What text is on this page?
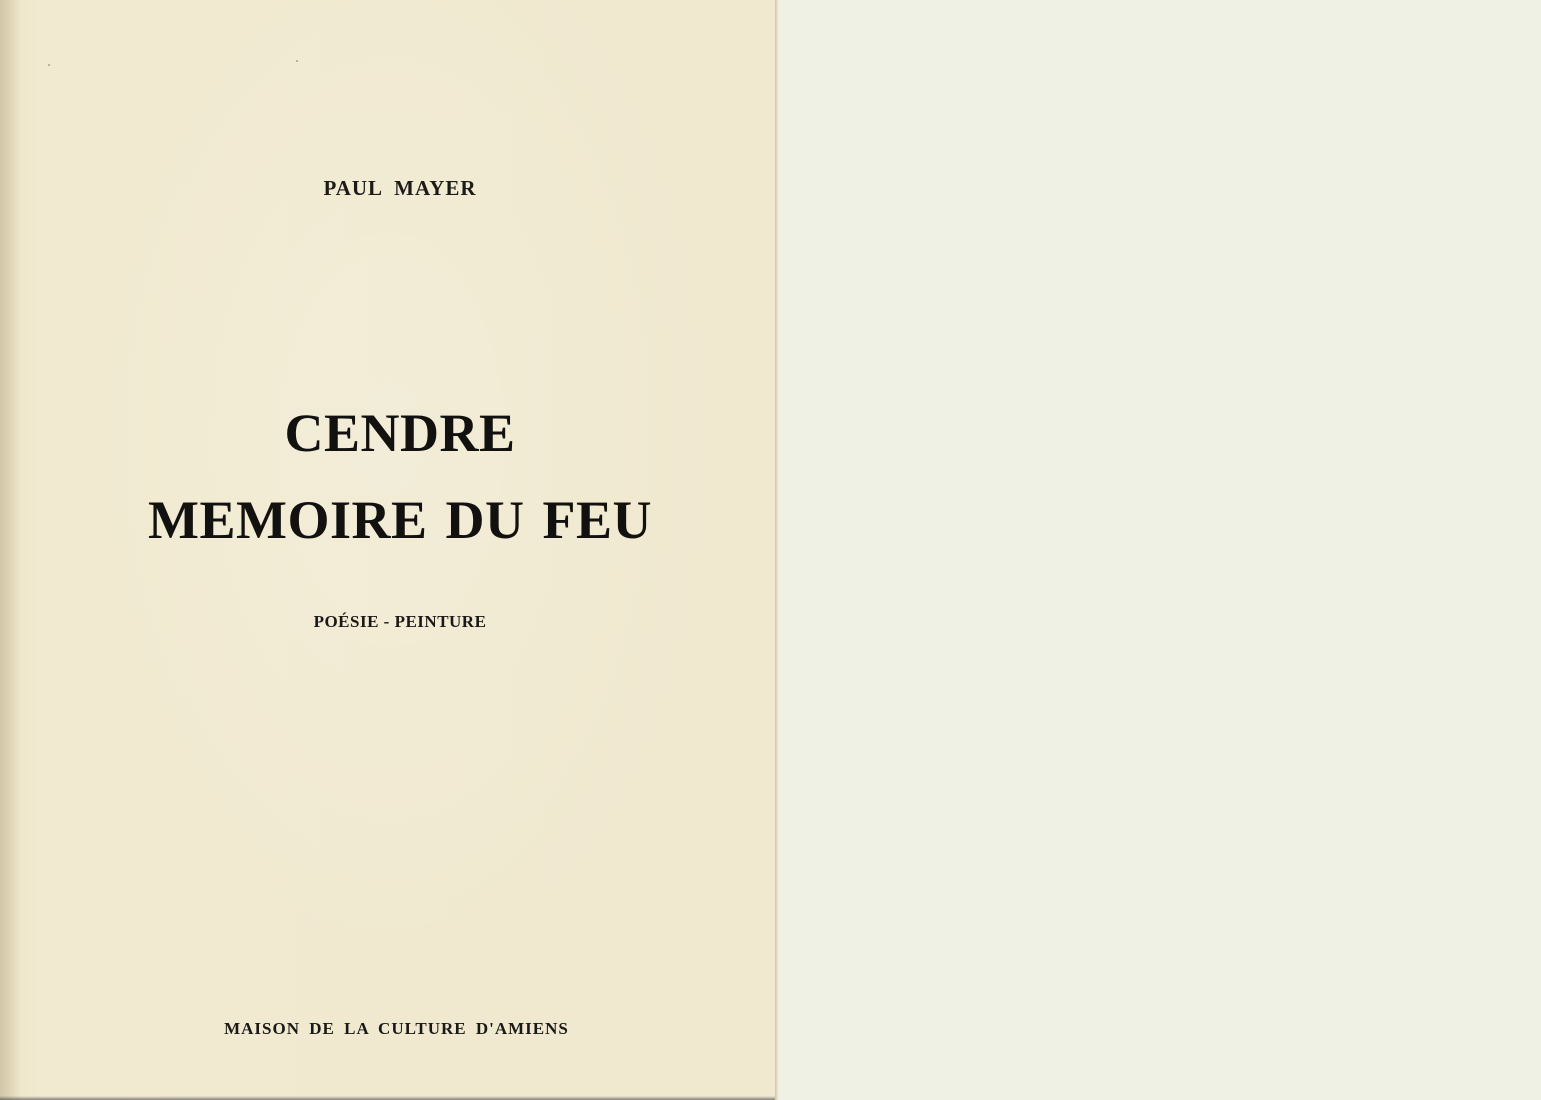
PAUL MAYER
CENDRE
MEMOIRE DU FEU
POÉSIE - PEINTURE
MAISON DE LA CULTURE D'AMIENS
